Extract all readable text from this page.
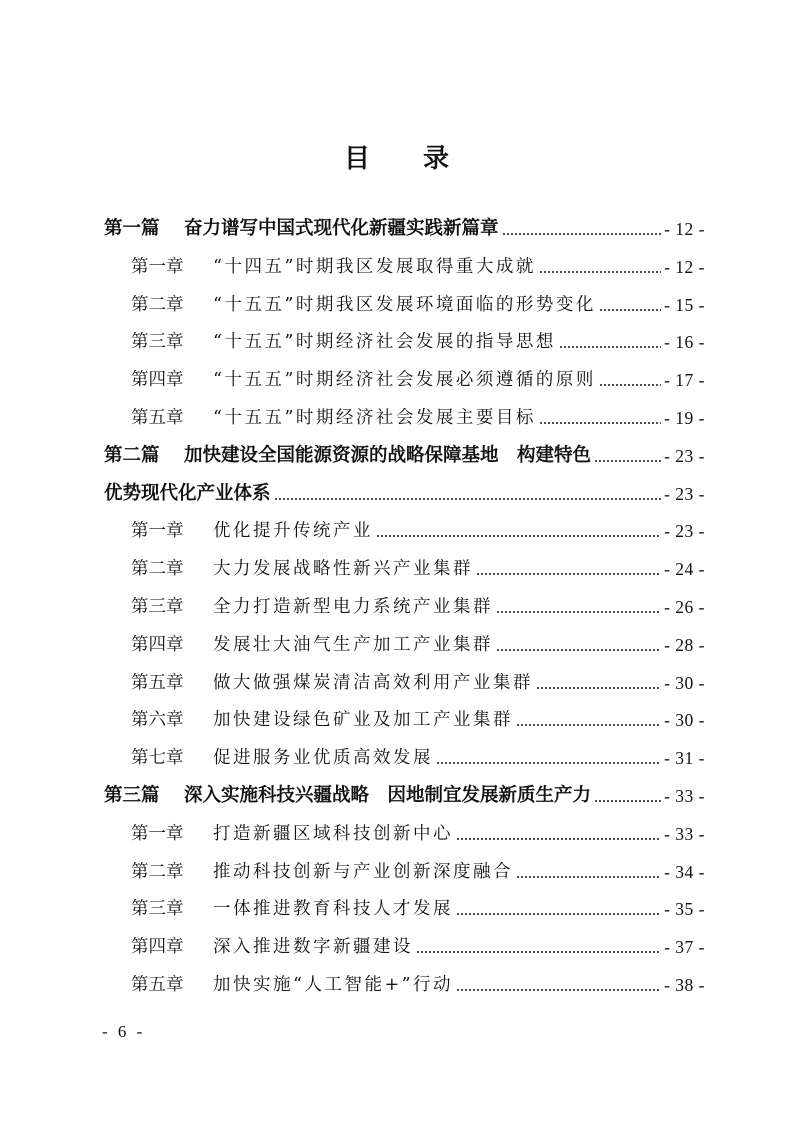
目 录
第一篇	奋力谱写中国式现代化新疆实践新篇章	- 12 -
第一章	“十四五”时期我区发展取得重大成就	- 12 -
第二章	“十五五”时期我区发展环境面临的形势变化	- 15 -
第三章	“十五五”时期经济社会发展的指导思想	- 16 -
第四章	“十五五”时期经济社会发展必须遵循的原则	- 17 -
第五章	“十五五”时期经济社会发展主要目标	- 19 -
第二篇	加快建设全国能源资源的战略保障基地　构建特色	- 23 -
优势现代化产业体系	- 23 -
第一章	优化提升传统产业	- 23 -
第二章	大力发展战略性新兴产业集群	- 24 -
第三章	全力打造新型电力系统产业集群	- 26 -
第四章	发展壮大油气生产加工产业集群	- 28 -
第五章	做大做强煤炭清洁高效利用产业集群	- 30 -
第六章	加快建设绿色矿业及加工产业集群	- 30 -
第七章	促进服务业优质高效发展	- 31 -
第三篇	深入实施科技兴疆战略　因地制宜发展新质生产力	- 33 -
第一章	打造新疆区域科技创新中心	- 33 -
第二章	推动科技创新与产业创新深度融合	- 34 -
第三章	一体推进教育科技人才发展	- 35 -
第四章	深入推进数字新疆建设	- 37 -
第五章	加快实施“人工智能+”行动	- 38 -
- 6 -
